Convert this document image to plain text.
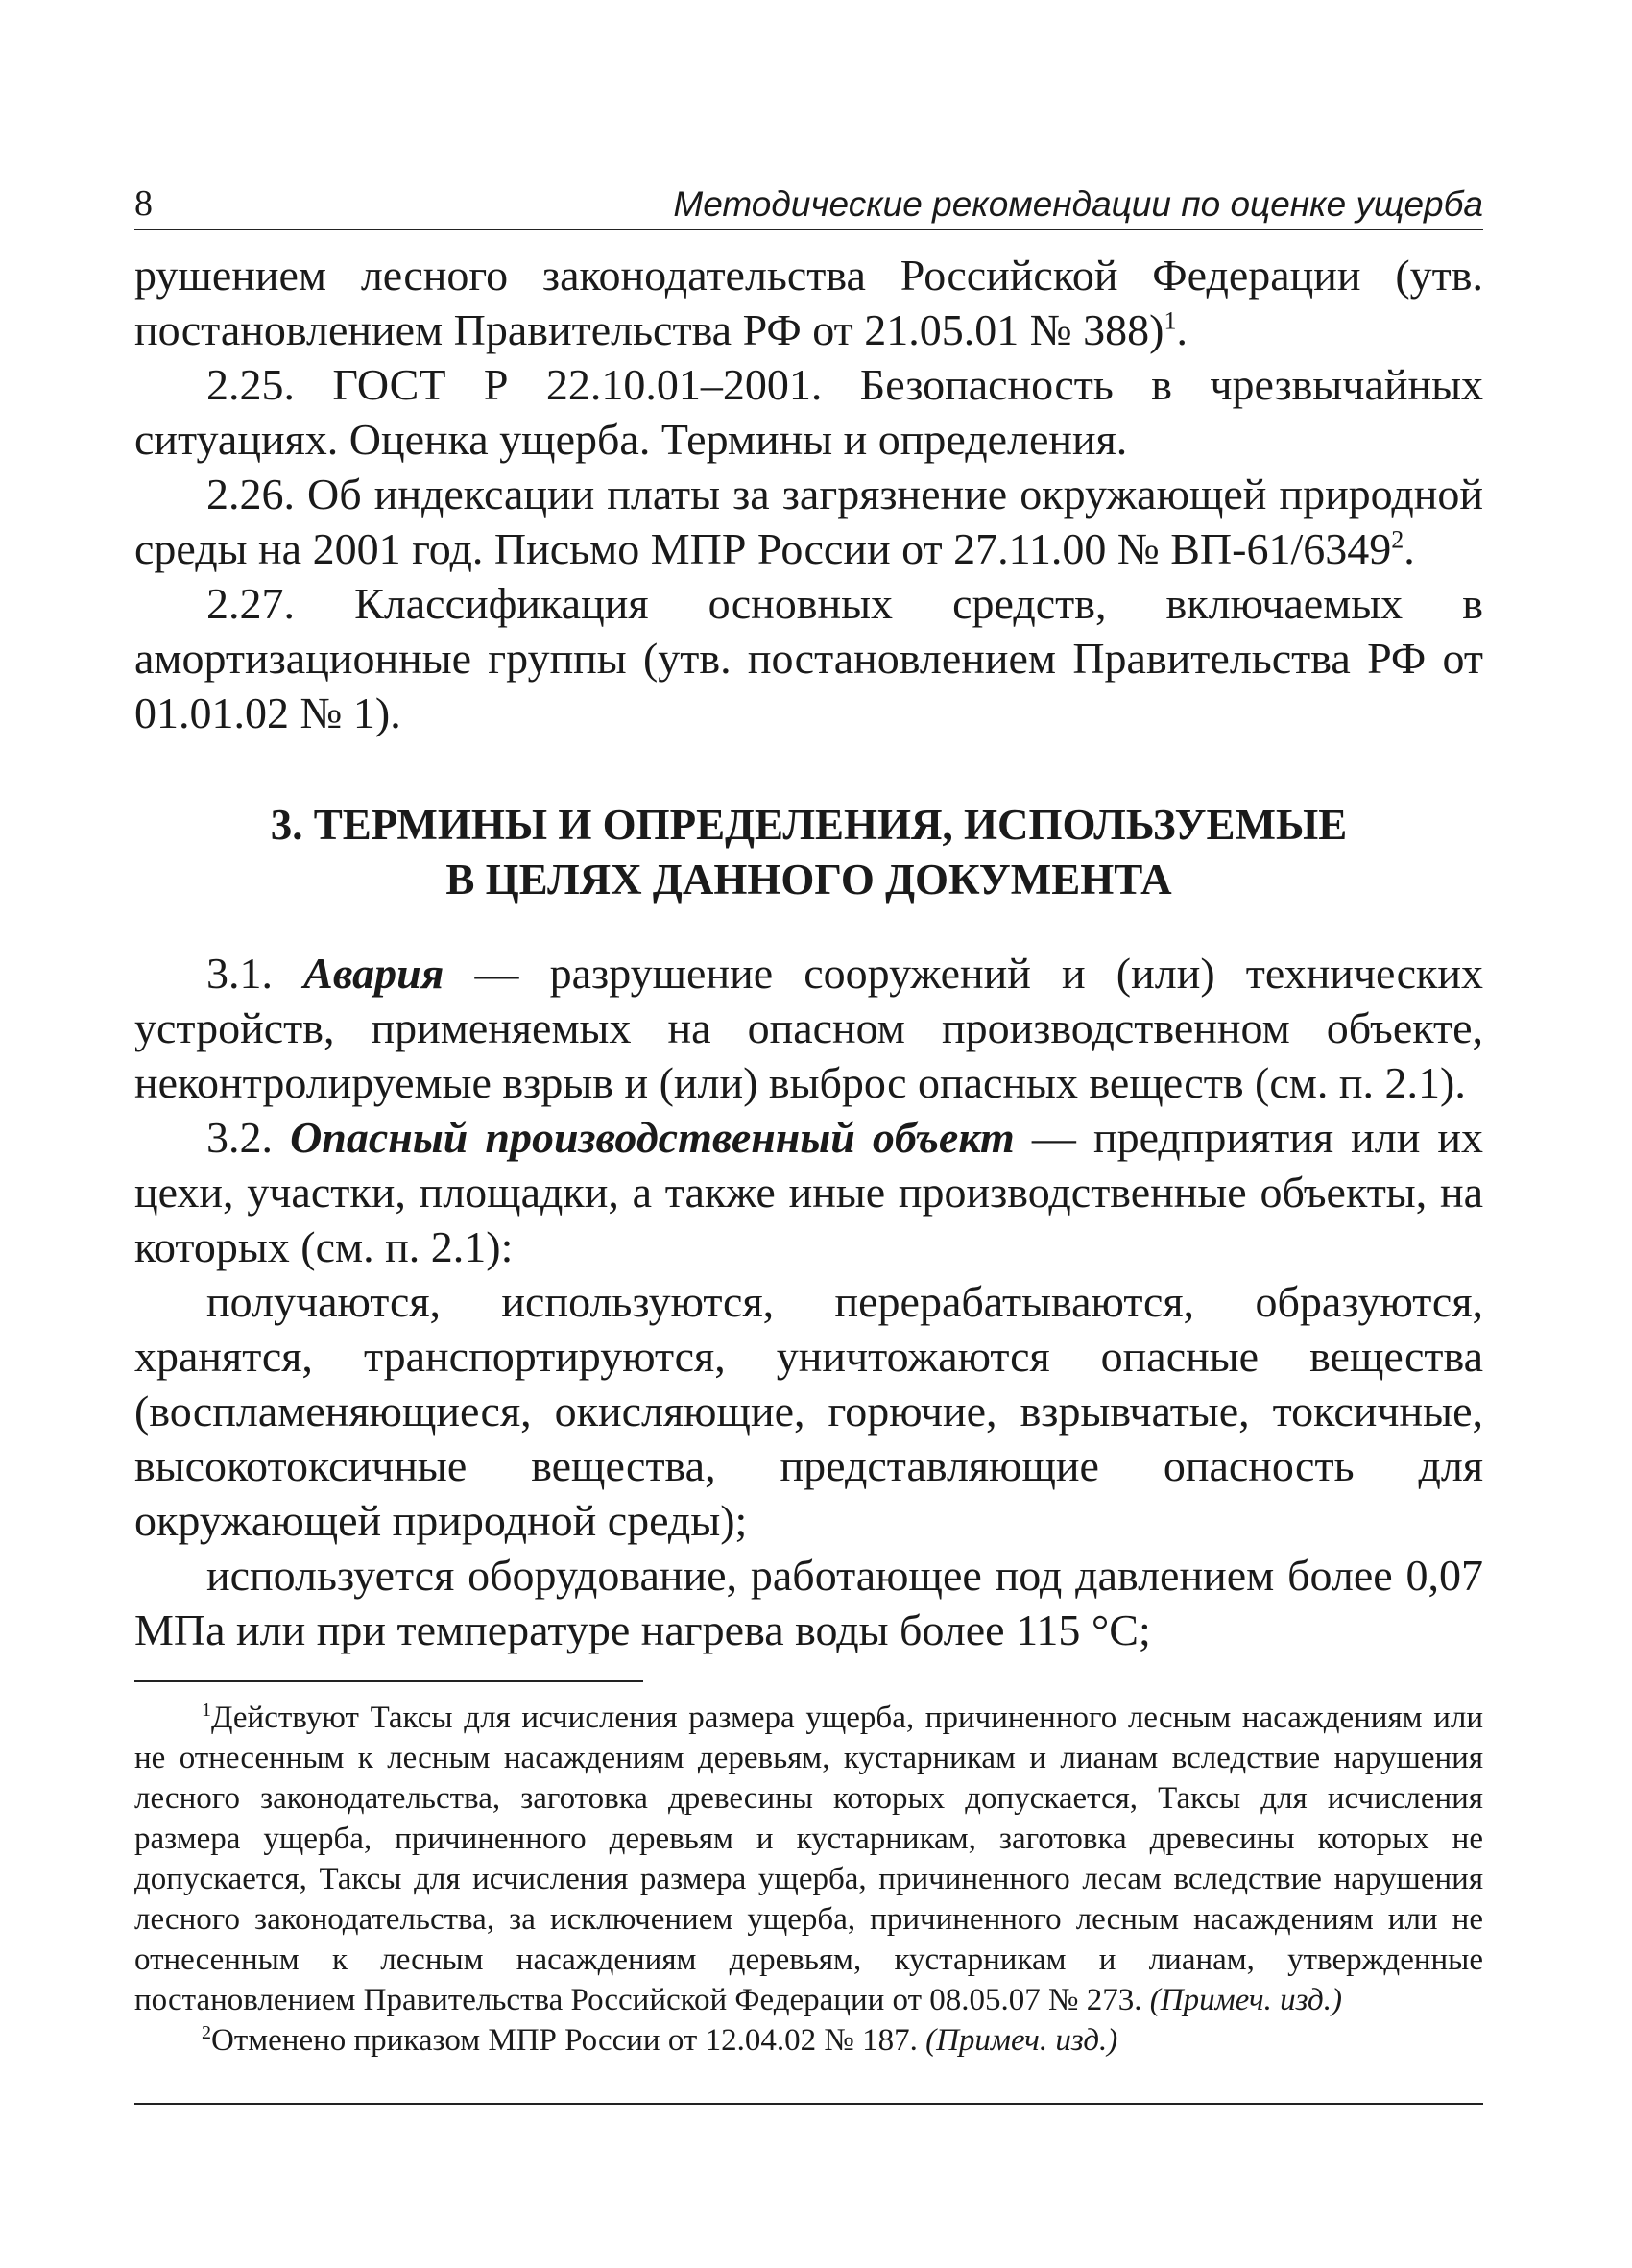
8	Методические рекомендации по оценке ущерба

рушением лесного законодательства Российской Федерации (утв. постановлением Правительства РФ от 21.05.01 № 388)$^1$.

2.25. ГОСТ Р 22.10.01–2001. Безопасность в чрезвычайных ситуациях. Оценка ущерба. Термины и определения.

2.26. Об индексации платы за загрязнение окружающей природной среды на 2001 год. Письмо МПР России от 27.11.00 № ВП-61/6349$^2$.

2.27. Классификация основных средств, включаемых в амортизационные группы (утв. постановлением Правительства РФ от 01.01.02 № 1).

3. ТЕРМИНЫ И ОПРЕДЕЛЕНИЯ, ИСПОЛЬЗУЕМЫЕ
В ЦЕЛЯХ ДАННОГО ДОКУМЕНТА

3.1. Авария — разрушение сооружений и (или) технических устройств, применяемых на опасном производственном объекте, неконтролируемые взрыв и (или) выброс опасных веществ (см. п. 2.1).

3.2. Опасный производственный объект — предприятия или их цехи, участки, площадки, а также иные производственные объекты, на которых (см. п. 2.1):

получаются, используются, перерабатываются, образуются, хранятся, транспортируются, уничтожаются опасные вещества (воспламеняющиеся, окисляющие, горючие, взрывчатые, токсичные, высокотоксичные вещества, представляющие опасность для окружающей природной среды);

используется оборудование, работающее под давлением более 0,07 МПа или при температуре нагрева воды более 115 °С;

$^1$Действуют Таксы для исчисления размера ущерба, причиненного лесным насаждениям или не отнесенным к лесным насаждениям деревьям, кустарникам и лианам вследствие нарушения лесного законодательства, заготовка древесины которых допускается, Таксы для исчисления размера ущерба, причиненного деревьям и кустарникам, заготовка древесины которых не допускается, Таксы для исчисления размера ущерба, причиненного лесам вследствие нарушения лесного законодательства, за исключением ущерба, причиненного лесным насаждениям или не отнесенным к лесным насаждениям деревьям, кустарникам и лианам, утвержденные постановлением Правительства Российской Федерации от 08.05.07 № 273. (Примеч. изд.)

$^2$Отменено приказом МПР России от 12.04.02 № 187. (Примеч. изд.)
